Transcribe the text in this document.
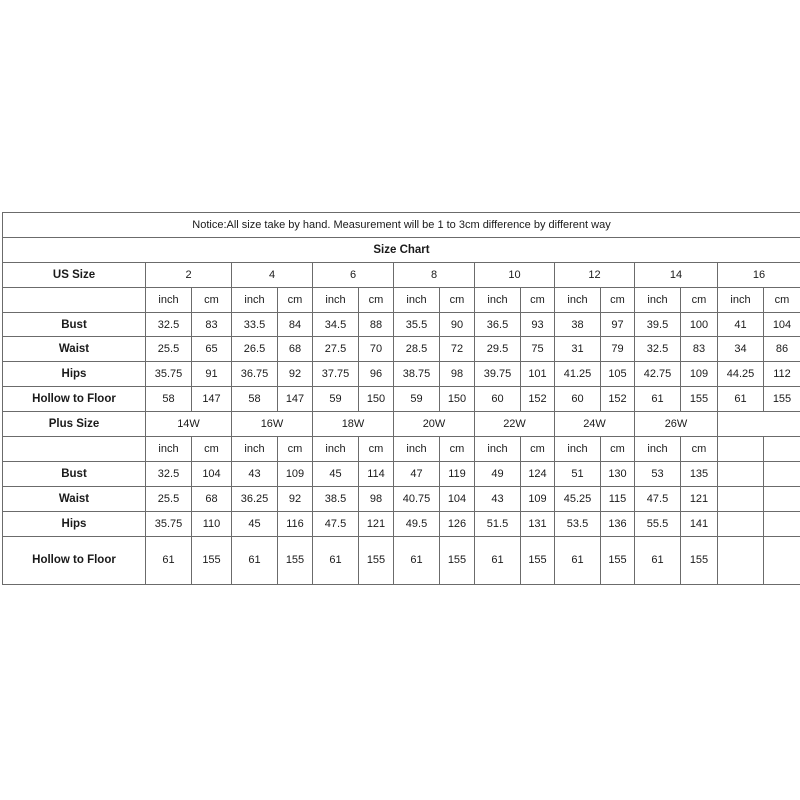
Notice:All size take by hand. Measurement will be 1 to 3cm difference by different way																
Size Chart																
US Size	2		4		6		8		10		12		14		16	
	inch	cm	inch	cm	inch	cm	inch	cm	inch	cm	inch	cm	inch	cm	inch	cm
Bust	32.5	83	33.5	84	34.5	88	35.5	90	36.5	93	38	97	39.5	100	41	104
Waist	25.5	65	26.5	68	27.5	70	28.5	72	29.5	75	31	79	32.5	83	34	86
Hips	35.75	91	36.75	92	37.75	96	38.75	98	39.75	101	41.25	105	42.75	109	44.25	112
Hollow to Floor	58	147	58	147	59	150	59	150	60	152	60	152	61	155	61	155
Plus Size	14W		16W		18W		20W		22W		24W		26W			
	inch	cm	inch	cm	inch	cm	inch	cm	inch	cm	inch	cm	inch	cm		
Bust	32.5	104	43	109	45	114	47	119	49	124	51	130	53	135		
Waist	25.5	68	36.25	92	38.5	98	40.75	104	43	109	45.25	115	47.5	121		
Hips	35.75	110	45	116	47.5	121	49.5	126	51.5	131	53.5	136	55.5	141		
Hollow to Floor	61	155	61	155	61	155	61	155	61	155	61	155	61	155		
